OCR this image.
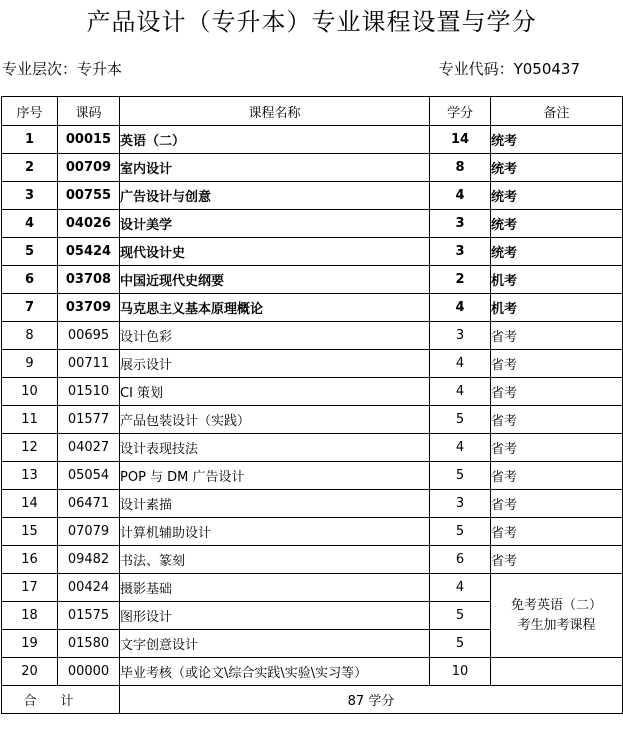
产品设计（专升本）专业课程设置与学分
专业层次：专升本	专业代码：Y050437
序号	课码	课程名称	学分	备注
1	00015	英语（二）	14	统考
2	00709	室内设计	8	统考
3	00755	广告设计与创意	4	统考
4	04026	设计美学	3	统考
5	05424	现代设计史	3	统考
6	03708	中国近现代史纲要	2	机考
7	03709	马克思主义基本原理概论	4	机考
8	00695	设计色彩	3	省考
9	00711	展示设计	4	省考
10	01510	CI 策划	4	省考
11	01577	产品包装设计（实践）	5	省考
12	04027	设计表现技法	4	省考
13	05054	POP 与 DM 广告设计	5	省考
14	06471	设计素描	3	省考
15	07079	计算机辅助设计	5	省考
16	09482	书法、篆刻	6	省考
17	00424	摄影基础	4	免考英语（二）
考生加考课程

18	01575	图形设计	5	
19	01580	文字创意设计	5	
20	00000	毕业考核（或论文\综合实践\实验\实习等）	10	
合计		87 学分		
